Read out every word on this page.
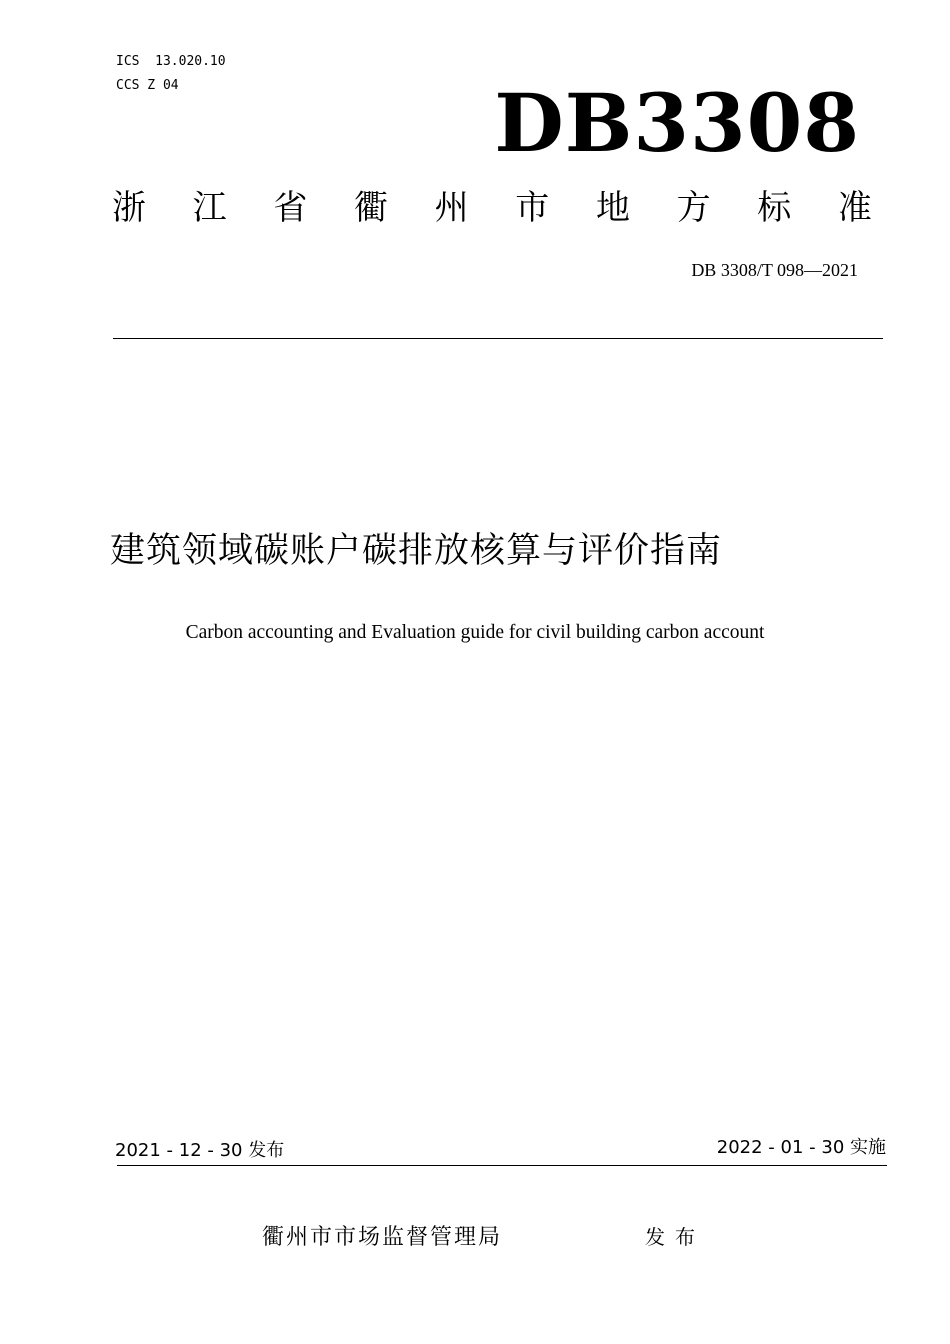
ICS  13.020.10
CCS Z 04	DB3308
浙 江 省 衢 州 市 地 方 标 准
DB 3308/T 098—2021
建筑领域碳账户碳排放核算与评价指南
Carbon accounting and Evaluation guide for civil building carbon account
2021 - 12 - 30 发布	2022 - 01 - 30 实施
衢州市市场监督管理局	发布
